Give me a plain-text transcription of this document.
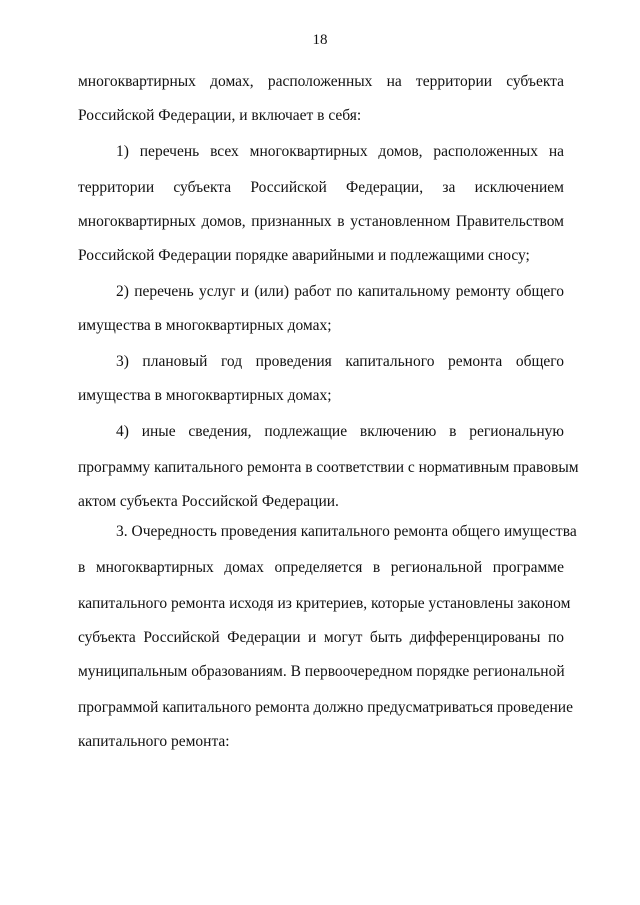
18
многоквартирных домах, расположенных на территории субъекта
Российской Федерации, и включает в себя:
1) перечень всех многоквартирных домов, расположенных на
территории субъекта Российской Федерации, за исключением
многоквартирных домов, признанных в установленном Правительством
Российской Федерации порядке аварийными и подлежащими сносу;
2) перечень услуг и (или) работ по капитальному ремонту общего
имущества в многоквартирных домах;
3) плановый год проведения капитального ремонта общего
имущества в многоквартирных домах;
4) иные сведения, подлежащие включению в региональную
программу капитального ремонта в соответствии с нормативным правовым
актом субъекта Российской Федерации.
3. Очередность проведения капитального ремонта общего имущества
в многоквартирных домах определяется в региональной программе
капитального ремонта исходя из критериев, которые установлены законом
субъекта Российской Федерации и могут быть дифференцированы по
муниципальным образованиям. В первоочередном порядке региональной
программой капитального ремонта должно предусматриваться проведение
капитального ремонта:
